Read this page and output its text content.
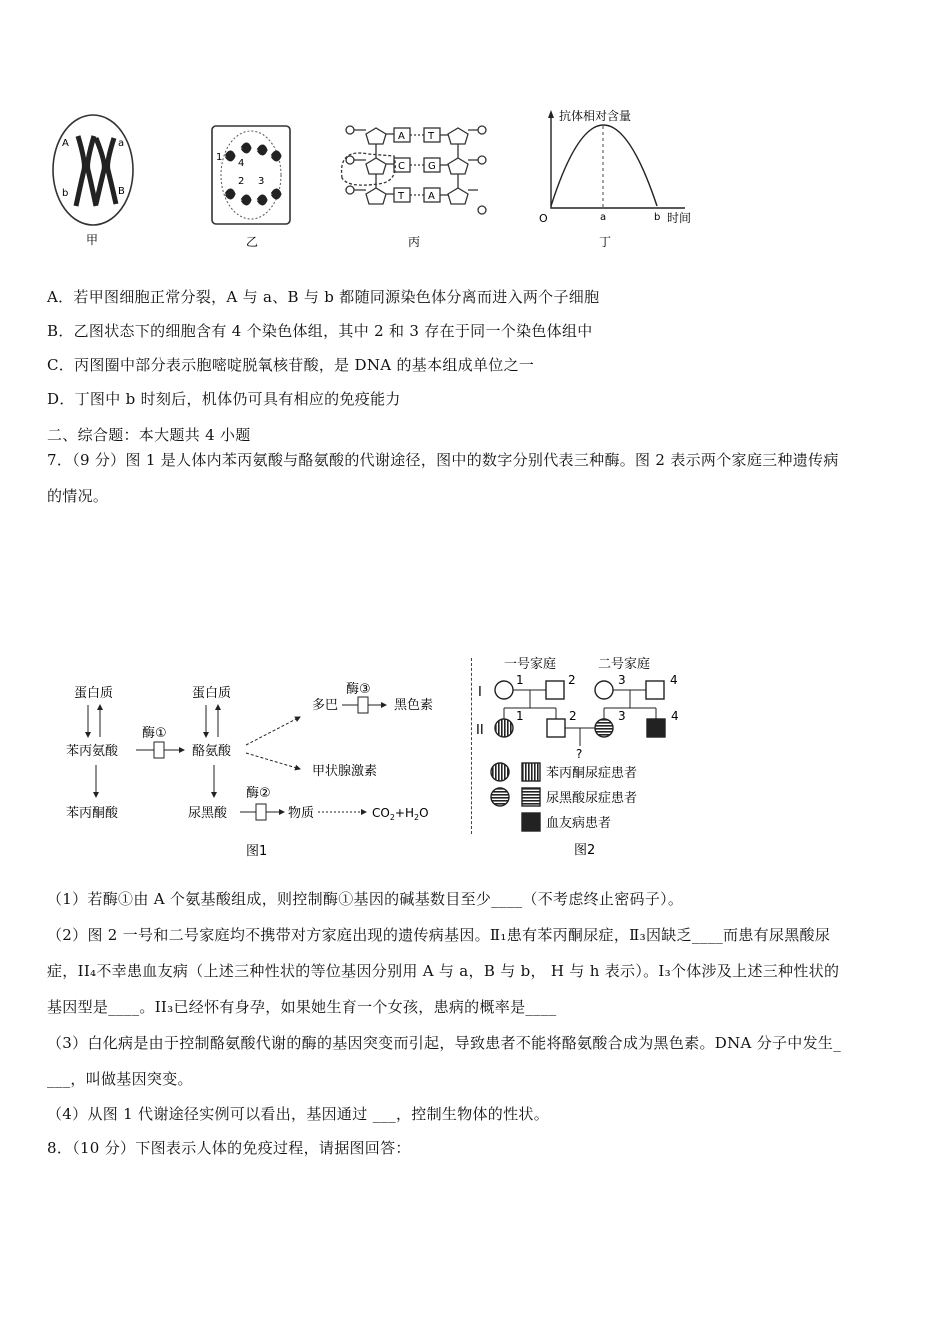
A	a
b	B
甲
1
4
2 3
乙
A T
C G
T A
丙
抗体相对含量
O	a	b 时间
丁
A．若甲图细胞正常分裂，A 与 a、B 与 b 都随同源染色体分离而进入两个子细胞
B．乙图状态下的细胞含有 4 个染色体组，其中 2 和 3 存在于同一个染色体组中
C．丙图圈中部分表示胞嘧啶脱氧核苷酸，是 DNA 的基本组成单位之一
D．丁图中 b 时刻后，机体仍可具有相应的免疫能力
二、综合题：本大题共 4 小题
7．（9 分）图 1 是人体内苯丙氨酸与酪氨酸的代谢途径，图中的数字分别代表三种酶。图 2 表示两个家庭三种遗传病
的情况。
蛋白质
苯丙氨酸
苯丙酮酸
酶①
蛋白质
酪氨酸
尿黑酸
多巴
酶③
黑色素
甲状腺激素
酶②
物质	$CO_2+H_2O$
图1
一号家庭	二号家庭
I
II
1	2
1	2
?
3	4
3	4
苯丙酮尿症患者
尿黑酸尿症患者
血友病患者
图2
（1）若酶①由 A 个氨基酸组成，则控制酶①基因的碱基数目至少____（不考虑终止密码子）。
（2）图 2 一号和二号家庭均不携带对方家庭出现的遗传病基因。Ⅱ₁患有苯丙酮尿症，Ⅱ₃因缺乏____而患有尿黑酸尿
症，II₄不幸患血友病（上述三种性状的等位基因分别用 A 与 a，B 与 b， H 与 h 表示）。I₃个体涉及上述三种性状的
基因型是____。II₃已经怀有身孕，如果她生育一个女孩，患病的概率是____
（3）白化病是由于控制酪氨酸代谢的酶的基因突变而引起，导致患者不能将酪氨酸合成为黑色素。DNA 分子中发生_
___，叫做基因突变。
（4）从图 1 代谢途径实例可以看出，基因通过 ___，控制生物体的性状。
8．（10 分）下图表示人体的免疫过程，请据图回答：
